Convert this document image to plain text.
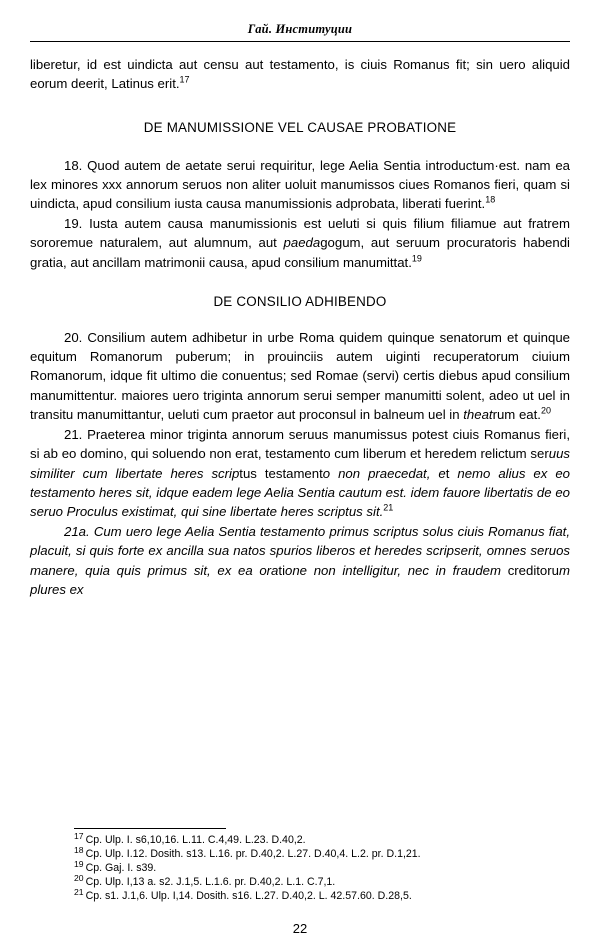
Гай. Институции

liberetur, id est uindicta aut censu aut testamento, is ciuis Romanus fit; sin uero aliquid eorum deerit, Latinus erit.$^{17}$

DE MANUMISSIONE VEL CAUSAE PROBATIONE

18. Quod autem de aetate serui requiritur, lege Aelia Sentia introductum·est. nam ea lex minores xxx annorum seruos non aliter uoluit manumissos ciues Romanos fieri, quam si uindicta, apud consilium iusta causa manumissionis adprobata, liberati fuerint.$^{18}$

19. Iusta autem causa manumissionis est ueluti si quis filium filiamue aut fratrem sororemue naturalem, aut alumnum, aut paedagogum, aut seruum procuratoris habendi gratia, aut ancillam matrimonii causa, apud consilium manumittat.$^{19}$

DE CONSILIO ADHIBENDO

20. Consilium autem adhibetur in urbe Roma quidem quinque senatorum et quinque equitum Romanorum puberum; in prouinciis autem uiginti recuperatorum ciuium Romanorum, idque fit ultimo die conuentus; sed Romae (servi) certis diebus apud consilium manumittentur. maiores uero triginta annorum serui semper manumitti solent, adeo ut uel in transitu manumittantur, ueluti cum praetor aut proconsul in balneum uel in theatrum eat.$^{20}$

21. Praeterea minor triginta annorum seruus manumissus potest ciuis Romanus fieri, si ab eo domino, qui soluendo non erat, testamento cum liberum et heredem relictum seruus similiter cum libertate heres scriptus testamento non praecedat, et nemo alius ex eo testamento heres sit, idque eadem lege Aelia Sentia cautum est. idem fauore libertatis de eo seruo Proculus existimat, qui sine libertate heres scriptus sit.$^{21}$

21a. Cum uero lege Aelia Sentia testamento primus scriptus solus ciuis Romanus fiat, placuit, si quis forte ex ancilla sua natos spurios liberos et heredes scripserit, omnes seruos manere, quia quis primus sit, ex ea oratione non intelligitur, nec in fraudem creditorum plures ex

$^{17}$ Cp. Ulp. I. s6,10,16. L.11. C.4,49. L.23. D.40,2.
$^{18}$ Cp. Ulp. I.12. Dosith. s13. L.16. pr. D.40,2. L.27. D.40,4. L.2. pr. D.1,21.
$^{19}$ Cp. Gaj. I. s39.
$^{20}$ Cp. Ulp. I,13 a. s2. J.1,5. L.1.6. pr. D.40,2. L.1. C.7,1.
$^{21}$ Cp. s1. J.1,6. Ulp. I,14. Dosith. s16. L.27. D.40,2. L. 42.57.60. D.28,5.
22
